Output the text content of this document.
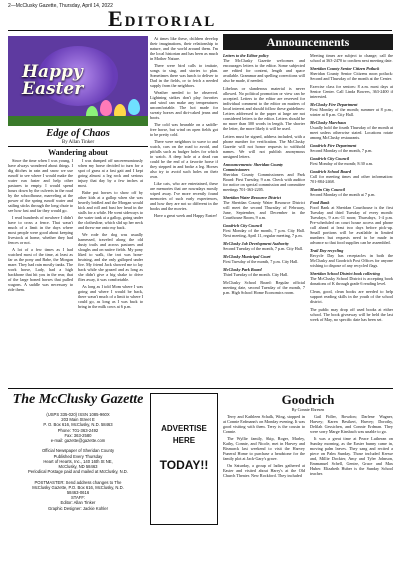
2—McClusky Gazette, Thursday, April 14, 2022
Editorial
Happy
Easter
Edge of Chaos
By Allan Tinker
Wandering about

Since the time when I was young, I have always wondered about things. I dig ditches in rain and snow we use runoff to see where I would make the water run faster and help other pastures to empty. I would spend hours down by the culverts in the road by the schoolhouse, marveling at the power of the spring runoff water and sailing sticks through the long chute to see how fast and far they would go.

I read hundreds of nowhere I didn't have to cross a fence. That wasn't much of a limit in the days where most people were good about keeping livestock at home, whether they had fences or not.

A lot of a few times as I had watched most of the time, at least as far as the pony and Babe, the Morgan mare. They had rain mostly tanks. The work horse, Lady, had a high backbone that hit you in the rear, that of the large boned horses that pulled wagons. A saddle was necessary to ride them.

I was dumped off unceremoniously when my horse decided to turn for a spot of grass at a fast gait and I kept going almost a leg rock and serious injury that day by a few inches at most.

Babe put horses to show off by other kids at a gallop when she was heavily bridled and the Morgan would kick and roll and bust her head in the stalls for a while. He went sideways to the water tank at a gallop, going under the clothesline, which slid up her neck and threw me onto my back.

We rode the dog was usually harnessed, traveled along the old dusty trails and across pastures and sloughs and on native fields. My pony liked to walk, the trot was bone-bruising, and she only galloped under fire. My friend Jack showed me to lay back while she grazed and as long as she didn't give a big shake to drive flies away, it was comfortable.

As long as I told Mom where I was going and where I would be back, there wasn't much of a limit to where I could go, as long as I was back to bring in the milk cows at 6 p.m.

At times like these, children develop their imaginations, their relationship to nature, and the world around them. I'm the local historian and has been as much in Mother Nature.

There were bird calls to imitate, songs to sing, and stories to plan. Sometimes there was lunch to deliver to Dad in the fields, or to fetch a needed supply from the neighbors.

Weather needed to be observed. Lightning strikes don't play favorites and wind can make any temperatures uncomfortable. The hot made for sweaty horses and dirt-caked jeans and boots.

The cold was bearable on a saddle-free horse, but wind on open fields got to be pretty cold.

There were neighbors to wave to and watch, cars on the road to avoid, and pitfalls such as badger holes for which to watch. A deep hole at a dead run could be the end of a favorite horse if they stepped in and broke a leg. Horses also try to avoid such holes on their own.

Like cats, who are entertained, these are memories that are nowadays mostly wiped away. I've more recently found memories of such early experiences, and how they are not so different in the books and the movies.

Have a great week and Happy Easter!

Announcements
Letters to the Editor policy
The McClusky Gazette welcomes and encourages letters to the editor. Some subjected are edited for content, length and space available. Grammar and spelling corrections will also be made, if needed.
Libelous or slanderous material is never allowed. No political promotion or view can be accepted. Letters to the editor are reserved for individual comment to the editor on matters of local interest and should follow these guidelines: Letters addressed to the paper at large are not considered letters to the editor. Letters should be no more than 300 words in length. The shorter the letter, the more likely it will be used.
Letters must be signed, address included, with a phone number for verification. The McClusky Gazette will not honor requests to withhold names. We will not publish anonymous unsigned letters.
Announcements: Sheridan County Commissioners
Sheridan County Commissioners and Park Board: First Tuesday, 9 a.m. Check with auditor for notice on special commission and committee meetings 701-363-2205.
Sheridan Water Resource District
The Sheridan County Water Resource District will meet the second Thursday of February, June, September, and December in the Courthouse Room, 9 a.m.
Goodrich City Council
First Monday of the month, 7 p.m. City Hall. Next meeting, April 11, regular meeting, 7 p.m.
McClusky Job Development Authority
Second Tuesday of the month, 7 p.m. City Hall.
McClusky Municipal Court
First Tuesday of the month, 7 p.m. City Hall.
McClusky Park Board
Third Tuesday of the month. City Hall.
McClusky School Board: Regular official meeting date, second Tuesday of the month, 7 p.m. High School Home Economics room.
Meeting times are subject to change; call the school at 363-2470 to confirm next meeting date.
Sheridan County Senior Citizen Potluck
Sheridan County Senior Citizens noon potluck: Second and Thursday of the month at the Center.
Exercise class for seniors: 8 a.m. most days at Senior Center. Call Linda Bowers, 363-2400 if interested.
McClusky Fire Department
First Monday of the month; summer at 8 p.m., winter at 8 p.m. City Hall.
McClusky Marchaus
Usually hold the fourth Thursday of the month at meet unless otherwise stated. Locations rotate among McClusky restaurants.
Goodrich Fire Department
Second Monday of the month, 7 p.m.
Goodrich City Council
First Monday of the month; 8:30 a.m.
Goodrich School Board
Call for meeting times and other information: 701-884-2468.
Martin City Council
Second Monday of the month at 7 p.m.
Food Bank
Food Bank at Sheridan Courthouse is the first Tuesday and third Tuesday of every month: Tuesdays, 9 a.m.-11 noon; Thursdays, 1-4 p.m. Pre-scheduled on court house access and phone call ahead at least two days before pick-up. Small portions will be available in limited numbers but requests need to be made in advance so that food supplies can be assembled.
Trail Day recycling
Recycle Day has receptacles in both the McClusky and Goodrich Post Offices for anyone wishing to dispose of any recycled flags.
Sheridan School District book collecting
The McClusky School District is accepting book donations of K through grade 6 reading level.
Clean, good, clean books are needed to help support reading skills in the youth of the school district.
The public may drop off used books at either school. The book giveaway will be held the last week of May, no specific date has been set.
The McClusky Gazette
(USPS 335-020) ISSN 1085-960X
203 Main Street E
P. O. Box 616, McClusky, N.D. 58463
Phone: 701-363-2492
Fax: 363-2580
e-mail: gazette@gazette.com

Official Newspaper of Sheridan County
Published Every Thursday
Heart of Hearts, Inc., 140 16th St NE,
McClusky, ND 58463
Periodical Postage paid and mailed at McClusky, N.D.

POSTMASTER: Send address changes to The
McClusky Gazette, P.O. Box 616, McClusky, N.D.
58463-0616
STAFF:
Editor: Allan Tinker
Graphic Designer: Jackie Kohler
ADVERTISE
HERE
TODAY!!
Goodrich
By Connie Ehresen

Terry and Kathleen Schalk, Wing, stopped in at Connie Erdmann's on Monday evening. It was good visiting with them. Terry is the cousin to Connie.

The Wyllie family, Skip, Roger, Marley, Kathy, Connie, and Nicole, met in Harvey and Bismarck last weekend to visit the Harvey Funeral Home to purchase a headstone for the family plot at Jack-Gary's grave.

On Saturday, a group of ladies gathered at Easter and visited about Harry's at the Old Church Theater. New Rockford. They included

Gail Fidler, Bowdon; Darlene Wagner, Harvey; Karen Besikert, Harvey; Dorothy, Delilah Gessichen, and Connie Erdman. They were sorry Marge Kinsbach was unable to go.

It was a great time at Peace Lutheran on Sunday morning, as the Easter bunny came in, moving palm leaves. They sang and recited a piece on Palm Sunday. Those included Kresse and, Millie Dockter, Amy and Tyler Johnson, Emmanuel Schell, Gentre, Grace and Max Huber. Elizabeth Huber is the Sunday School teacher.
